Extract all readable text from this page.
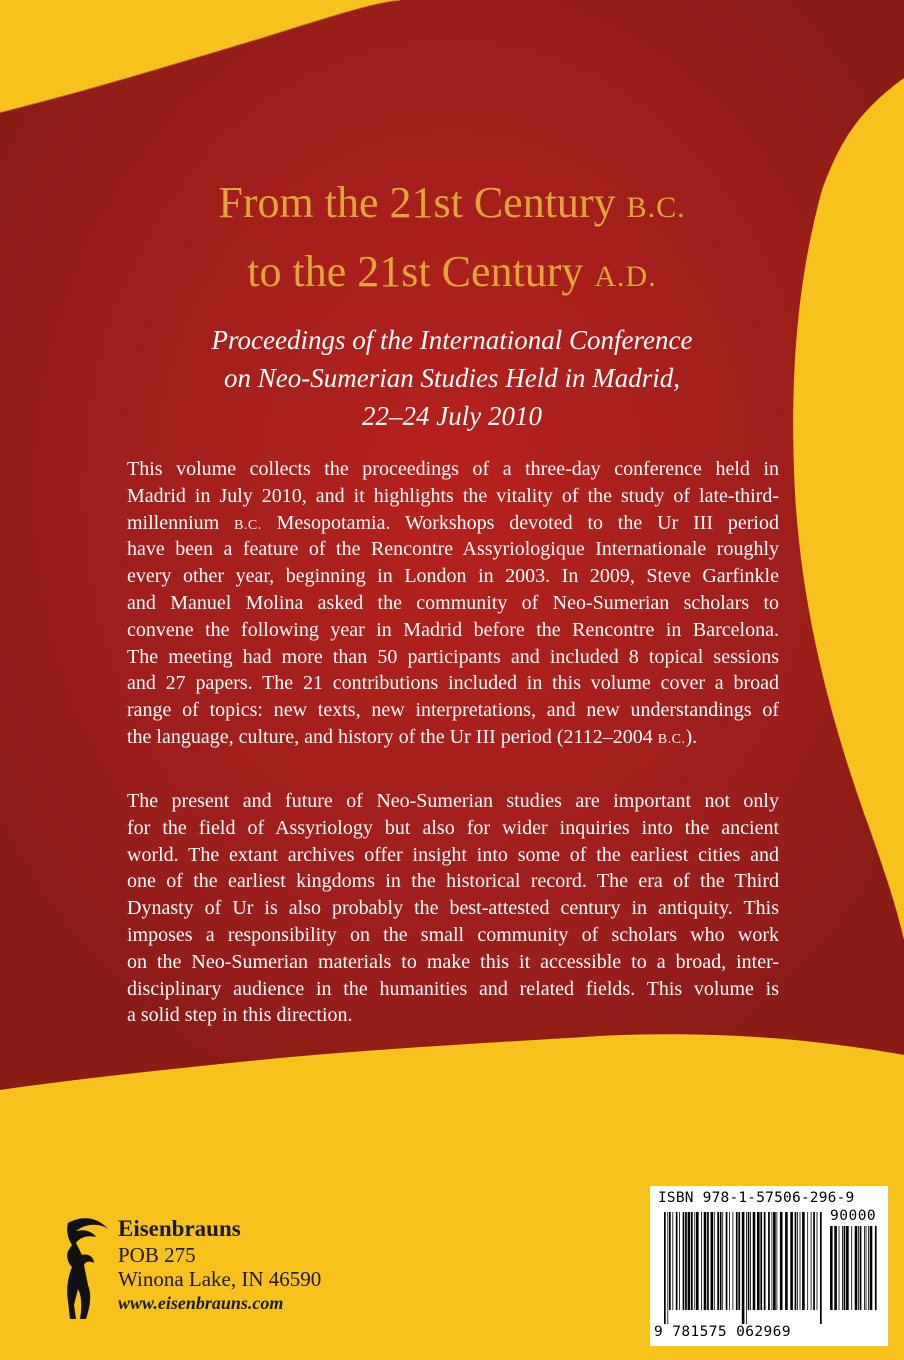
From the 21st Century B.C.
to the 21st Century A.D.
Proceedings of the International Conference
on Neo-Sumerian Studies Held in Madrid,
22–24 July 2010
This volume collects the proceedings of a three-day conference held in
Madrid in July 2010, and it highlights the vitality of the study of late-third-
millennium B.C. Mesopotamia. Workshops devoted to the Ur III period
have been a feature of the Rencontre Assyriologique Internationale roughly
every other year, beginning in London in 2003. In 2009, Steve Garfinkle
and Manuel Molina asked the community of Neo-Sumerian scholars to
convene the following year in Madrid before the Rencontre in Barcelona.
The meeting had more than 50 participants and included 8 topical sessions
and 27 papers. The 21 contributions included in this volume cover a broad
range of topics: new texts, new interpretations, and new understandings of
the language, culture, and history of the Ur III period (2112–2004 B.C.).
The present and future of Neo-Sumerian studies are important not only
for the field of Assyriology but also for wider inquiries into the ancient
world. The extant archives offer insight into some of the earliest cities and
one of the earliest kingdoms in the historical record. The era of the Third
Dynasty of Ur is also probably the best-attested century in antiquity. This
imposes a responsibility on the small community of scholars who work
on the Neo-Sumerian materials to make this it accessible to a broad, inter-
disciplinary audience in the humanities and related fields. This volume is
a solid step in this direction.
Eisenbrauns
POB 275
Winona Lake, IN 46590
www.eisenbrauns.com
ISBN 978-1-57506-296-9
90000
9 781575 062969
